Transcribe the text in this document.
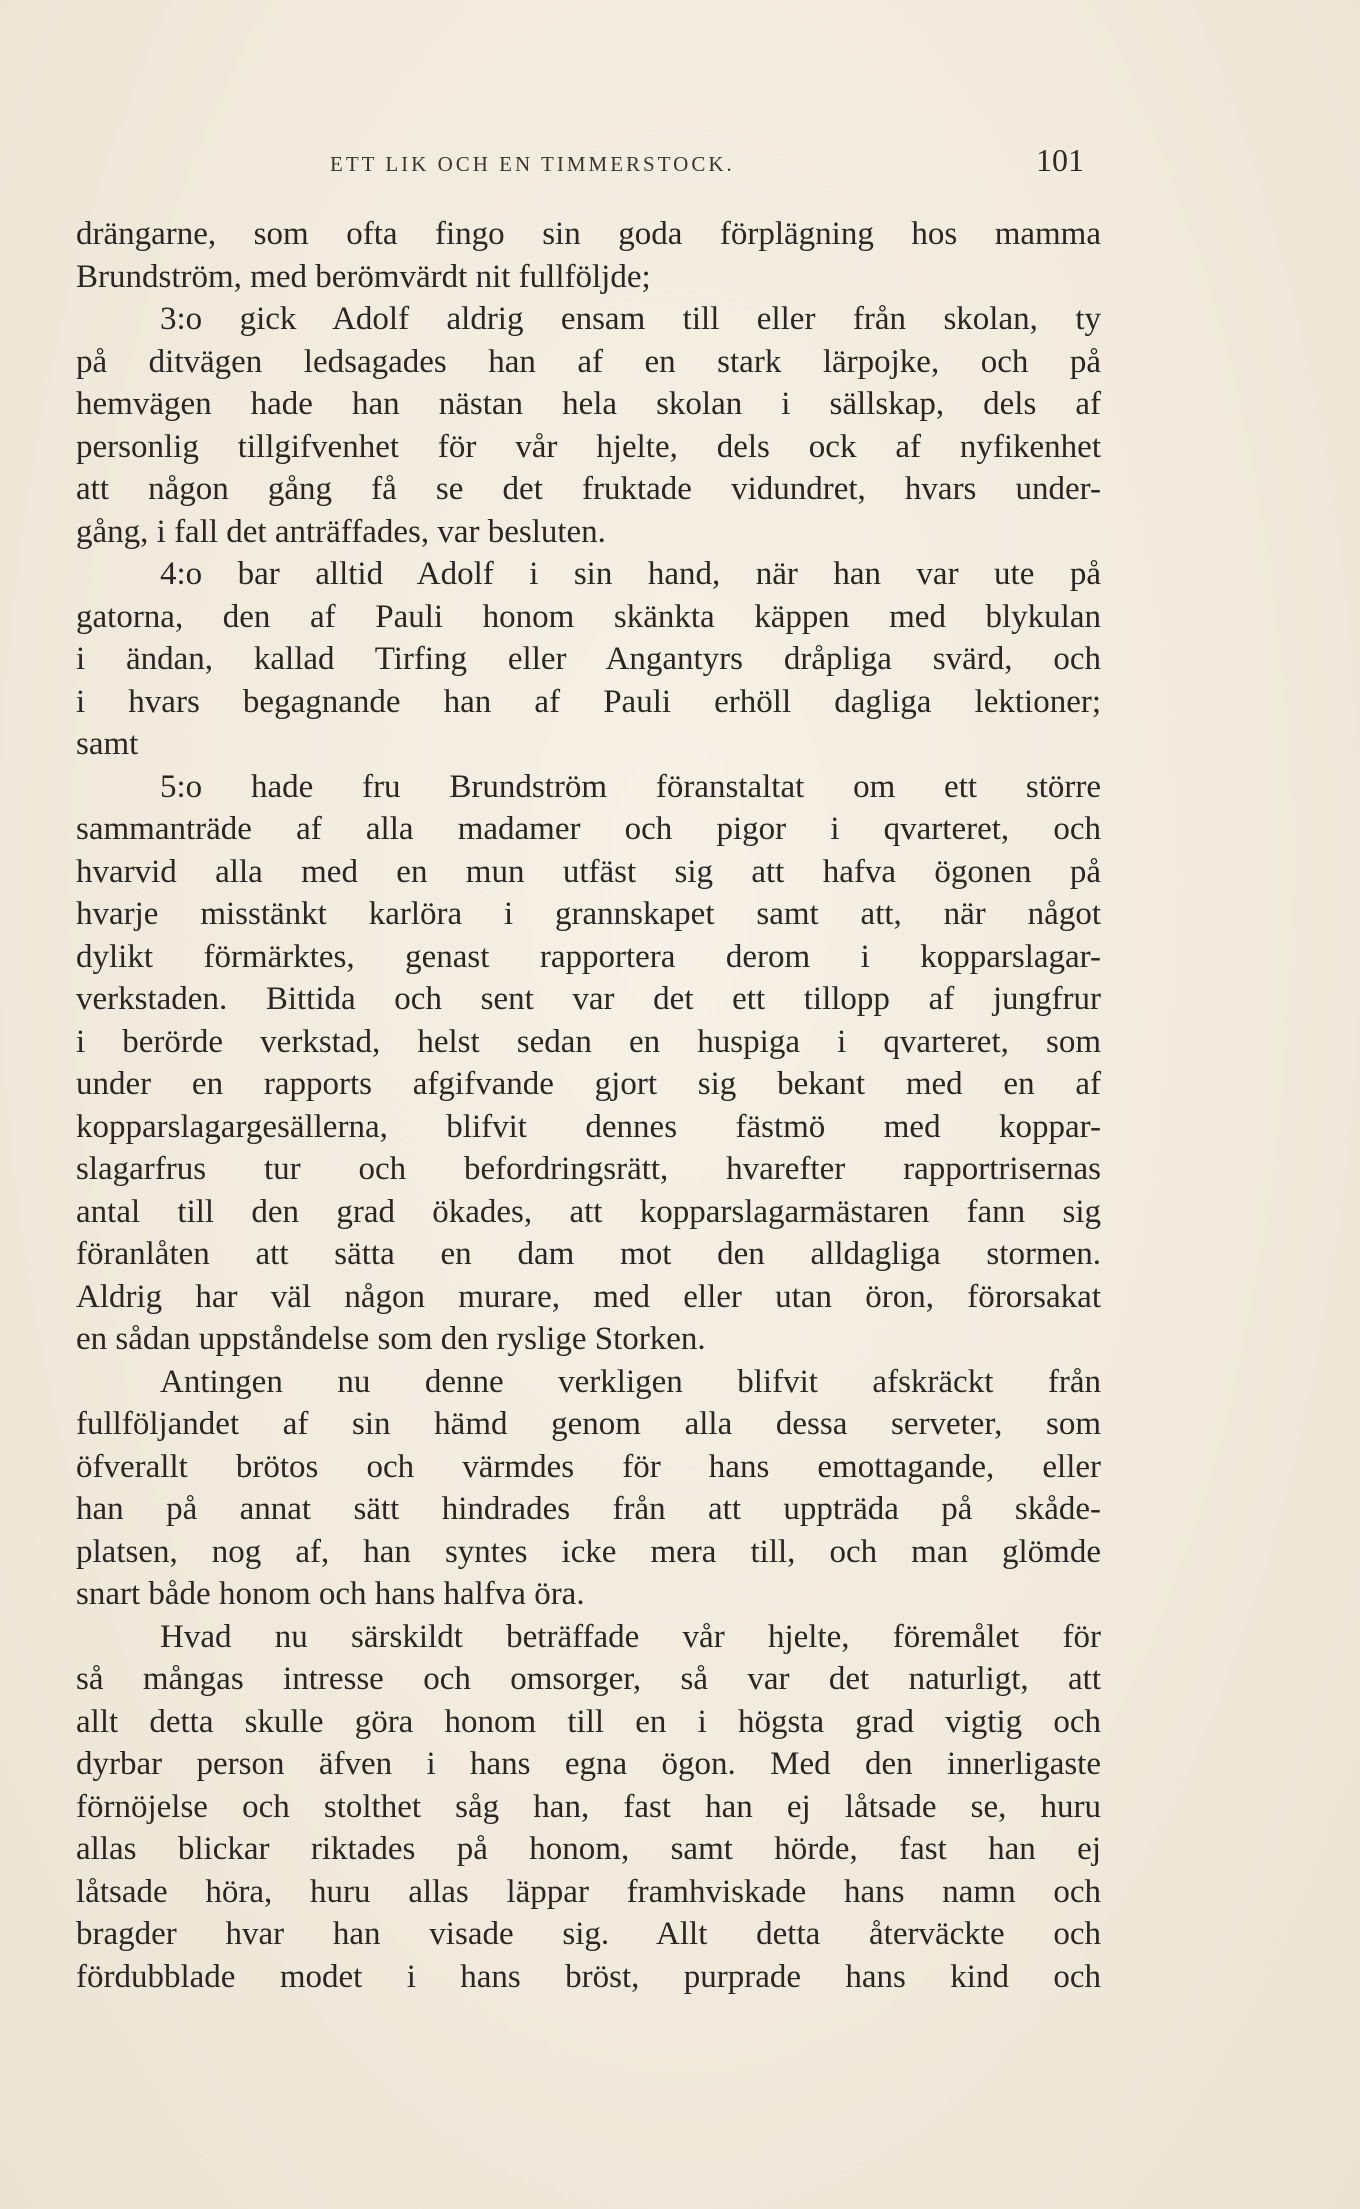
ETT LIK OCH EN TIMMERSTOCK.	101
drängarne, som ofta fingo sin goda förplägning hos mamma
Brundström, med berömvärdt nit fullföljde;
3:o gick Adolf aldrig ensam till eller från skolan, ty
på ditvägen ledsagades han af en stark lärpojke, och på
hemvägen hade han nästan hela skolan i sällskap, dels af
personlig tillgifvenhet för vår hjelte, dels ock af nyfikenhet
att någon gång få se det fruktade vidundret, hvars under-
gång, i fall det anträffades, var besluten.
4:o bar alltid Adolf i sin hand, när han var ute på
gatorna, den af Pauli honom skänkta käppen med blykulan
i ändan, kallad Tirfing eller Angantyrs dråpliga svärd, och
i hvars begagnande han af Pauli erhöll dagliga lektioner;
samt
5:o hade fru Brundström föranstaltat om ett större
sammanträde af alla madamer och pigor i qvarteret, och
hvarvid alla med en mun utfäst sig att hafva ögonen på
hvarje misstänkt karlöra i grannskapet samt att, när något
dylikt förmärktes, genast rapportera derom i kopparslagar-
verkstaden. Bittida och sent var det ett tillopp af jungfrur
i berörde verkstad, helst sedan en huspiga i qvarteret, som
under en rapports afgifvande gjort sig bekant med en af
kopparslagargesällerna, blifvit dennes fästmö med koppar-
slagarfrus tur och befordringsrätt, hvarefter rapportrisernas
antal till den grad ökades, att kopparslagarmästaren fann sig
föranlåten att sätta en dam mot den alldagliga stormen.
Aldrig har väl någon murare, med eller utan öron, förorsakat
en sådan uppståndelse som den ryslige Storken.
Antingen nu denne verkligen blifvit afskräckt från
fullföljandet af sin hämd genom alla dessa serveter, som
öfverallt brötos och värmdes för hans emottagande, eller
han på annat sätt hindrades från att uppträda på skåde-
platsen, nog af, han syntes icke mera till, och man glömde
snart både honom och hans halfva öra.
Hvad nu särskildt beträffade vår hjelte, föremålet för
så mångas intresse och omsorger, så var det naturligt, att
allt detta skulle göra honom till en i högsta grad vigtig och
dyrbar person äfven i hans egna ögon. Med den innerligaste
förnöjelse och stolthet såg han, fast han ej låtsade se, huru
allas blickar riktades på honom, samt hörde, fast han ej
låtsade höra, huru allas läppar framhviskade hans namn och
bragder hvar han visade sig. Allt detta återväckte och
fördubblade modet i hans bröst, purprade hans kind och
